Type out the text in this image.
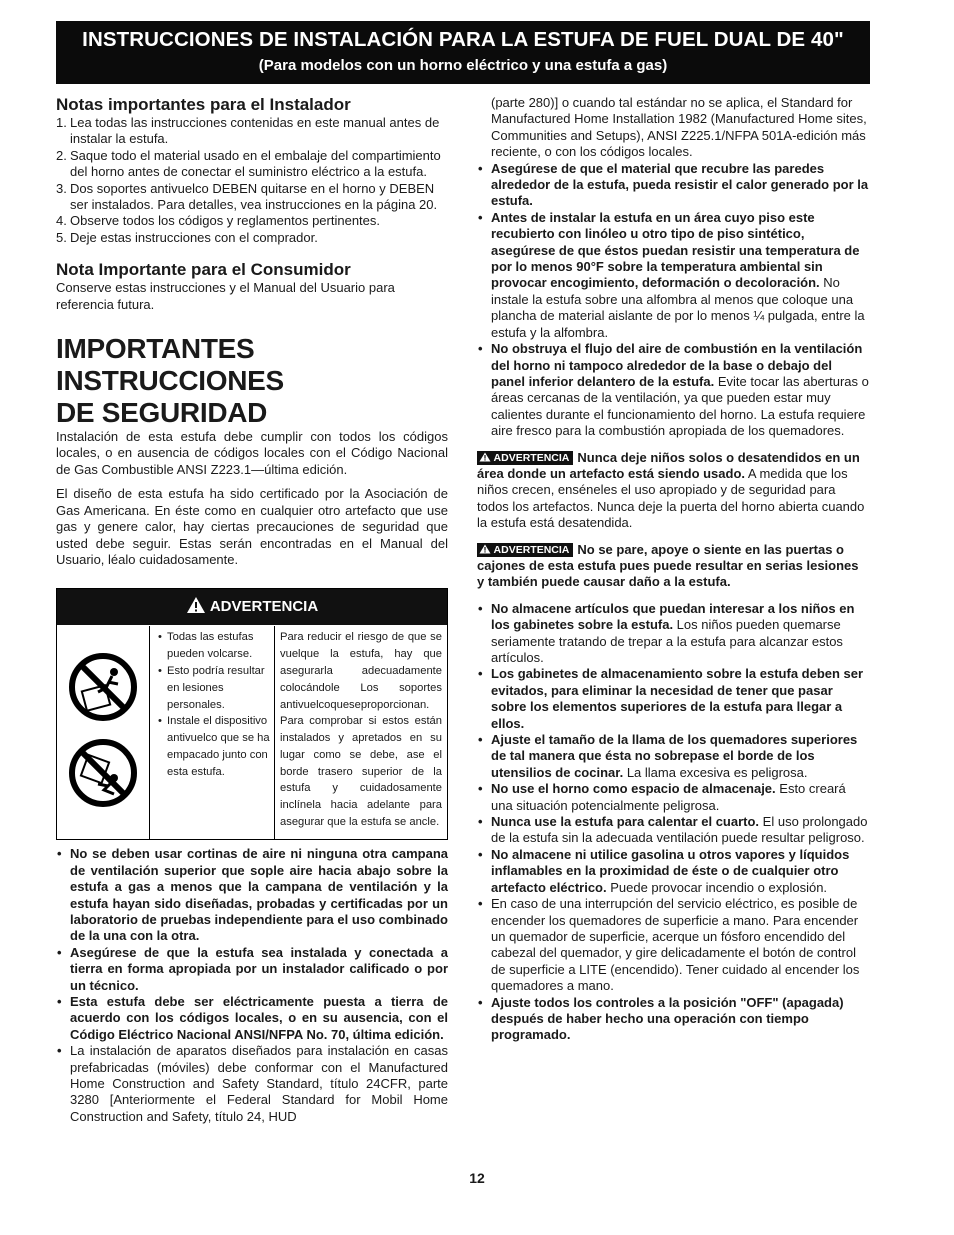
INSTRUCCIONES DE INSTALACIÓN PARA LA ESTUFA DE FUEL DUAL DE 40"
(Para modelos con un horno eléctrico y una estufa a gas)
Notas importantes para el Instalador
1. Lea todas las instrucciones contenidas en este manual antes de instalar la estufa.
2. Saque todo el material usado en el embalaje del compartimiento del horno antes de conectar el suministro eléctrico a la estufa.
3. Dos soportes antivuelco DEBEN quitarse en el horno y DEBEN ser instalados. Para detalles, vea instrucciones en la página 20.
4. Observe todos los códigos y reglamentos pertinentes.
5. Deje estas instrucciones con el comprador.
Nota Importante para el Consumidor

Conserve estas instrucciones y el Manual del Usuario para referencia futura.

IMPORTANTES INSTRUCCIONES
DE SEGURIDAD

Instalación de esta estufa debe cumplir con todos los códigos locales, o en ausencia de códigos locales con el Código Nacional de Gas Combustible ANSI Z223.1—última edición.

El diseño de esta estufa ha sido certificado por la Asociación de Gas Americana. En éste como en cualquier otro artefacto que use gas y genere calor, hay ciertas precauciones de seguridad que usted debe seguir. Estas serán encontradas en el Manual del Usuario, léalo cuidadosamente.

ADVERTENCIA
• Todas las estufas pueden volcarse.
• Esto podría resultar en lesiones personales.
• Instale el dispositivo antivuelco que se ha empacado junto con esta estufa.
Para reducir el riesgo de que se vuelque la estufa, hay que asegurarla adecuadamente colocándole Los soportes antivuelcoqueseproporcionan. Para comprobar si estos están instalados y apretados en su lugar como se debe, ase el borde trasero superior de la estufa y cuidadosamente inclínela hacia adelante para asegurar que la estufa se ancle.
• No se deben usar cortinas de aire ni ninguna otra campana de ventilación superior que sople aire hacia abajo sobre la estufa a gas a menos que la campana de ventilación y la estufa hayan sido diseñadas, probadas y certificadas por un laboratorio de pruebas independiente para el uso combinado de la una con la otra.
• Asegúrese de que la estufa sea instalada y conectada a tierra en forma apropiada por un instalador calificado o por un técnico.
• Esta estufa debe ser eléctricamente puesta a tierra de acuerdo con los códigos locales, o en su ausencia, con el Código Eléctrico Nacional ANSI/NFPA No. 70, última edición.
• La instalación de aparatos diseñados para instalación en casas prefabricadas (móviles) debe conformar con el Manufactured Home Construction and Safety Standard, título 24CFR, parte 3280 [Anteriormente el Federal Standard for Mobil Home Construction and Safety, título 24, HUD

(parte 280)] o cuando tal estándar no se aplica, el Standard for Manufactured Home Installation 1982 (Manufactured Home sites, Communities and Setups), ANSI Z225.1/NFPA 501A-edición más reciente, o con los códigos locales.

• Asegúrese de que el material que recubre las paredes alrededor de la estufa, pueda resistir el calor generado por la estufa.
• Antes de instalar la estufa en un área cuyo piso este recubierto con linóleo u otro tipo de piso sintético, asegúrese de que éstos puedan resistir una temperatura de por lo menos 90°F sobre la temperatura ambiental sin provocar encogimiento, deformación o decoloración. No instale la estufa sobre una alfombra al menos que coloque una plancha de material aislante de por lo menos ¼ pulgada, entre la estufa y la alfombra.
• No obstruya el flujo del aire de combustión en la ventilación del horno ni tampoco alrededor de la base o debajo del panel inferior delantero de la estufa. Evite tocar las aberturas o áreas cercanas de la ventilación, ya que pueden estar muy calientes durante el funcionamiento del horno. La estufa requiere aire fresco para la combustión apropiada de los quemadores.

ADVERTENCIA Nunca deje niños solos o desatendidos en un área donde un artefacto está siendo usado. A medida que los niños crecen, enséneles el uso apropiado y de seguridad para todos los artefactos. Nunca deje la puerta del horno abierta cuando la estufa está desatendida.

ADVERTENCIA No se pare, apoye o siente en las puertas o cajones de esta estufa pues puede resultar en serias lesiones y también puede causar daño a la estufa.

• No almacene artículos que puedan interesar a los niños en los gabinetes sobre la estufa. Los niños pueden quemarse seriamente tratando de trepar a la estufa para alcanzar estos artículos.
• Los gabinetes de almacenamiento sobre la estufa deben ser evitados, para eliminar la necesidad de tener que pasar sobre los elementos superiores de la estufa para llegar a ellos.
• Ajuste el tamaño de la llama de los quemadores superiores de tal manera que ésta no sobrepase el borde de los utensilios de cocinar. La llama excesiva es peligrosa.
• No use el horno como espacio de almacenaje. Esto creará una situación potencialmente peligrosa.
• Nunca use la estufa para calentar el cuarto. El uso prolongado de la estufa sin la adecuada ventilación puede resultar peligroso.
• No almacene ni utilice gasolina u otros vapores y líquidos inflamables en la proximidad de éste o de cualquier otro artefacto eléctrico. Puede provocar incendio o explosión.
• En caso de una interrupción del servicio eléctrico, es posible de encender los quemadores de superficie a mano. Para encender un quemador de superficie, acerque un fósforo encendido del cabezal del quemador, y gire delicadamente el botón de control de superficie a LITE (encendido). Tener cuidado al encender los quemadores a mano.
• Ajuste todos los controles a la posición "OFF" (apagada) después de haber hecho una operación con tiempo programado.
12
